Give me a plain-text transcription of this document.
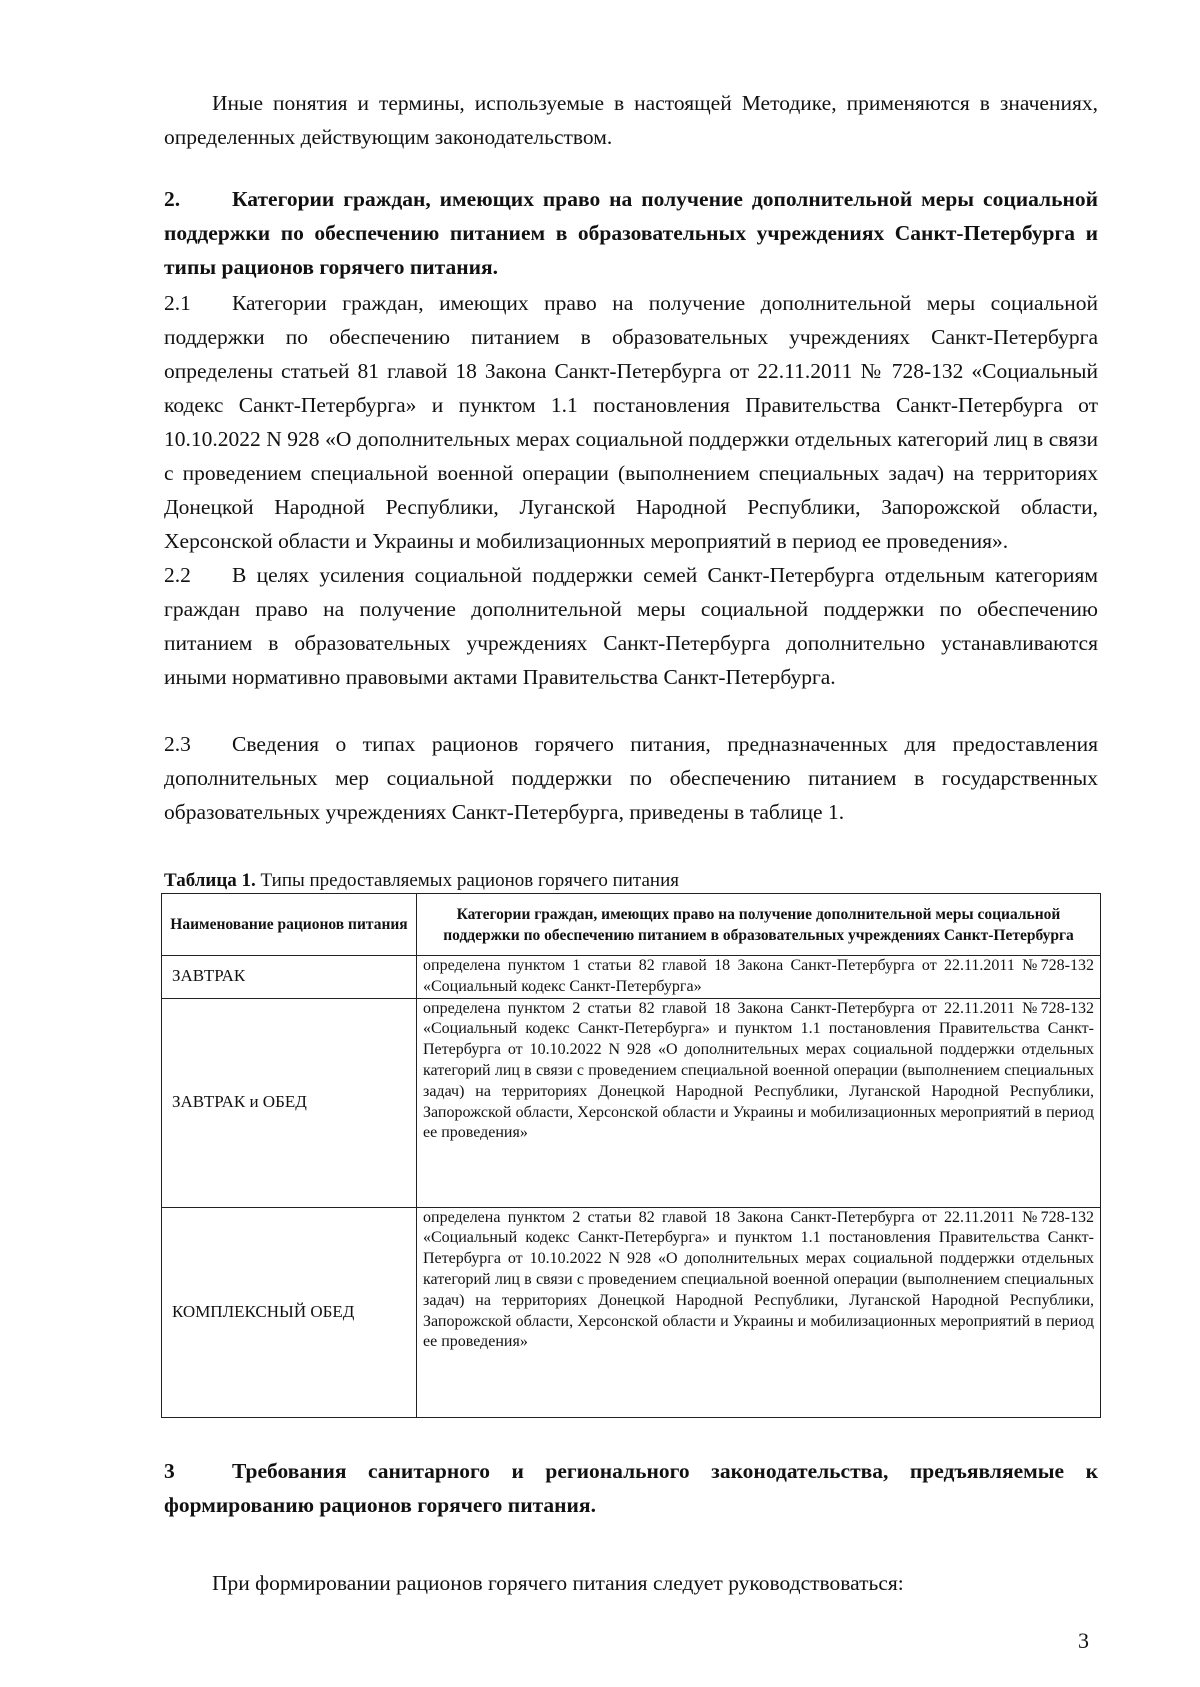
Иные понятия и термины, используемые в настоящей Методике, применяются в значениях, определенных действующим законодательством.

2. Категории граждан, имеющих право на получение дополнительной меры социальной поддержки по обеспечению питанием в образовательных учреждениях Санкт-Петербурга и типы рационов горячего питания.

2.1 Категории граждан, имеющих право на получение дополнительной меры социальной поддержки по обеспечению питанием в образовательных учреждениях Санкт-Петербурга определены статьей 81 главой 18 Закона Санкт-Петербурга от 22.11.2011 № 728-132 «Социальный кодекс Санкт-Петербурга» и пунктом 1.1 постановления Правительства Санкт-Петербурга от 10.10.2022 N 928 «О дополнительных мерах социальной поддержки отдельных категорий лиц в связи с проведением специальной военной операции (выполнением специальных задач) на территориях Донецкой Народной Республики, Луганской Народной Республики, Запорожской области, Херсонской области и Украины и мобилизационных мероприятий в период ее проведения».

2.2 В целях усиления социальной поддержки семей Санкт-Петербурга отдельным категориям граждан право на получение дополнительной меры социальной поддержки по обеспечению питанием в образовательных учреждениях Санкт-Петербурга дополнительно устанавливаются иными нормативно правовыми актами Правительства Санкт-Петербурга.

2.3 Сведения о типах рационов горячего питания, предназначенных для предоставления дополнительных мер социальной поддержки по обеспечению питанием в государственных образовательных учреждениях Санкт-Петербурга, приведены в таблице 1.

Таблица 1. Типы предоставляемых рационов горячего питания
Наименование рационов питания	Категории граждан, имеющих право на получение дополнительной меры социальной поддержки по обеспечению питанием в образовательных учреждениях Санкт-Петербурга
ЗАВТРАК	определена пунктом 1 статьи 82 главой 18 Закона Санкт-Петербурга от 22.11.2011 №728-132 «Социальный кодекс Санкт-Петербурга»
ЗАВТРАК и ОБЕД	определена пунктом 2 статьи 82 главой 18 Закона Санкт-Петербурга от 22.11.2011 №728-132 «Социальный кодекс Санкт-Петербурга» и пунктом 1.1 постановления Правительства Санкт-Петербурга от 10.10.2022 N 928 «О дополнительных мерах социальной поддержки отдельных категорий лиц в связи с проведением специальной военной операции (выполнением специальных задач) на территориях Донецкой Народной Республики, Луганской Народной Республики, Запорожской области, Херсонской области и Украины и мобилизационных мероприятий в период ее проведения»
КОМПЛЕКСНЫЙ ОБЕД	определена пунктом 2 статьи 82 главой 18 Закона Санкт-Петербурга от 22.11.2011 №728-132 «Социальный кодекс Санкт-Петербурга» и пунктом 1.1 постановления Правительства Санкт-Петербурга от 10.10.2022 N 928 «О дополнительных мерах социальной поддержки отдельных категорий лиц в связи с проведением специальной военной операции (выполнением специальных задач) на территориях Донецкой Народной Республики, Луганской Народной Республики, Запорожской области, Херсонской области и Украины и мобилизационных мероприятий в период ее проведения»

3	Требования санитарного и регионального законодательства, предъявляемые к формированию рационов горячего питания.

При формировании рационов горячего питания следует руководствоваться:

3
